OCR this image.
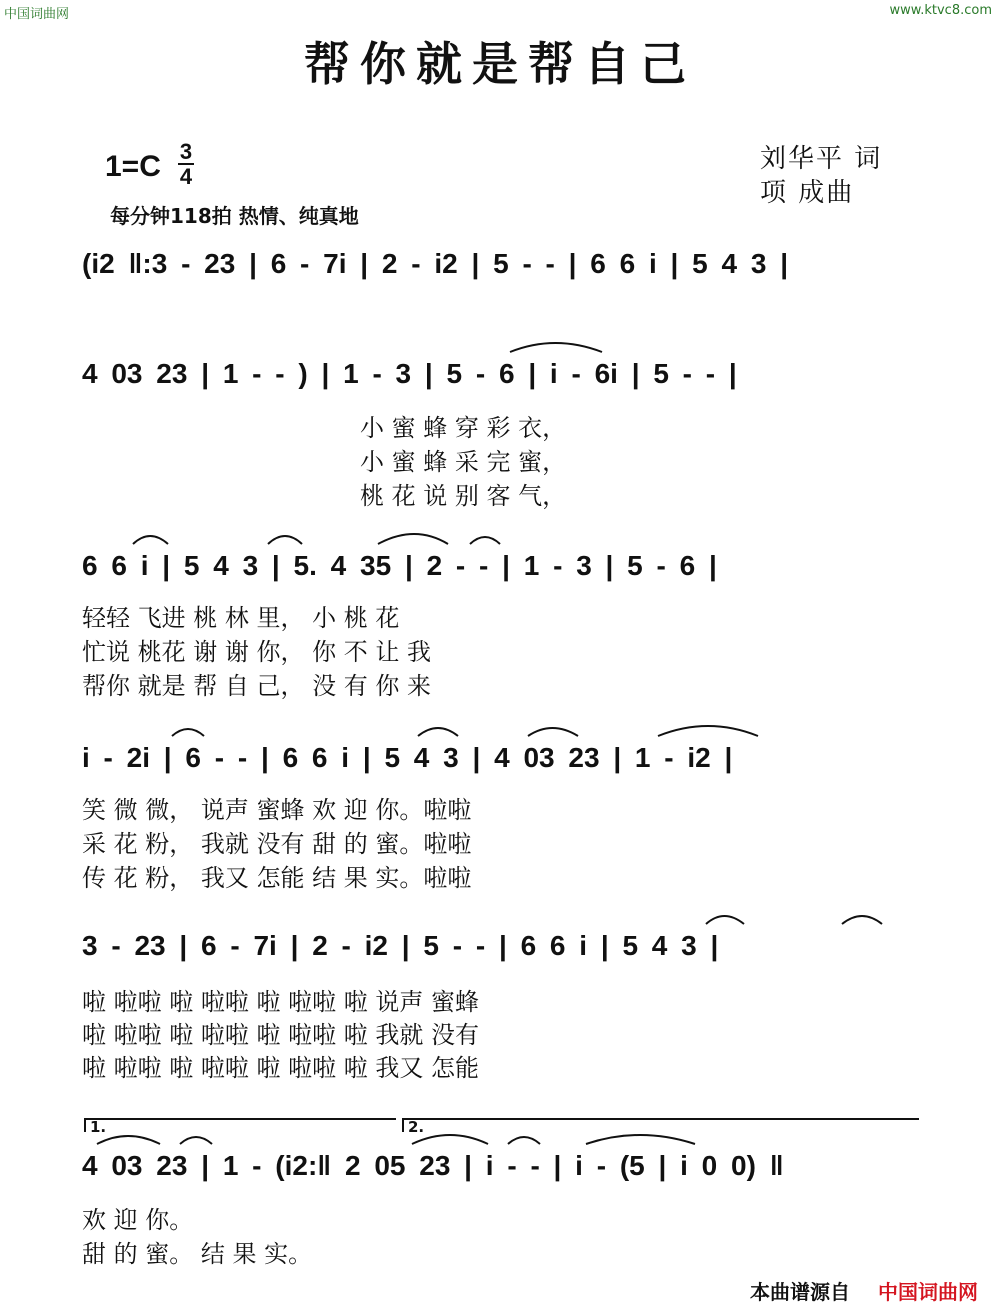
中国词曲网	www.ktvc8.com
帮你就是帮自己
1=C 3
4
每分钟118拍 热情、纯真地
刘华平 词
项 成曲
(i2 ‖:3 - 23 | 6 - 7i | 2 - i2 | 5 - - | 6 6 i | 5 4 3 |
4 03 23 | 1 - - ) | 1 - 3 | 5 - 6 | i - 6i | 5 - - |
小 蜜 蜂 穿 彩 衣，
小 蜜 蜂 采 完 蜜，
桃 花 说 别 客 气，
6 6 i | 5 4 3 | 5. 4 35 | 2 - - | 1 - 3 | 5 - 6 |
轻轻 飞进 桃 林 里， 小 桃 花
忙说 桃花 谢 谢 你， 你 不 让 我
帮你 就是 帮 自 己， 没 有 你 来
i - 2i | 6 - - | 6 6 i | 5 4 3 | 4 03 23 | 1 - i2 |
笑 微 微， 说声 蜜蜂 欢 迎 你。啦啦
采 花 粉， 我就 没有 甜 的 蜜。啦啦
传 花 粉， 我又 怎能 结 果 实。啦啦
3 - 23 | 6 - 7i | 2 - i2 | 5 - - | 6 6 i | 5 4 3 |
啦 啦啦 啦 啦啦 啦 啦啦 啦 说声 蜜蜂
啦 啦啦 啦 啦啦 啦 啦啦 啦 我就 没有
啦 啦啦 啦 啦啦 啦 啦啦 啦 我又 怎能
1.	2.
4 03 23 | 1 - (i2:‖ 2 05 23 | i - - | i - (5 | i 0 0) ‖
欢 迎 你。
甜 的 蜜。 结 果 实。
本曲谱源自 中国词曲网
